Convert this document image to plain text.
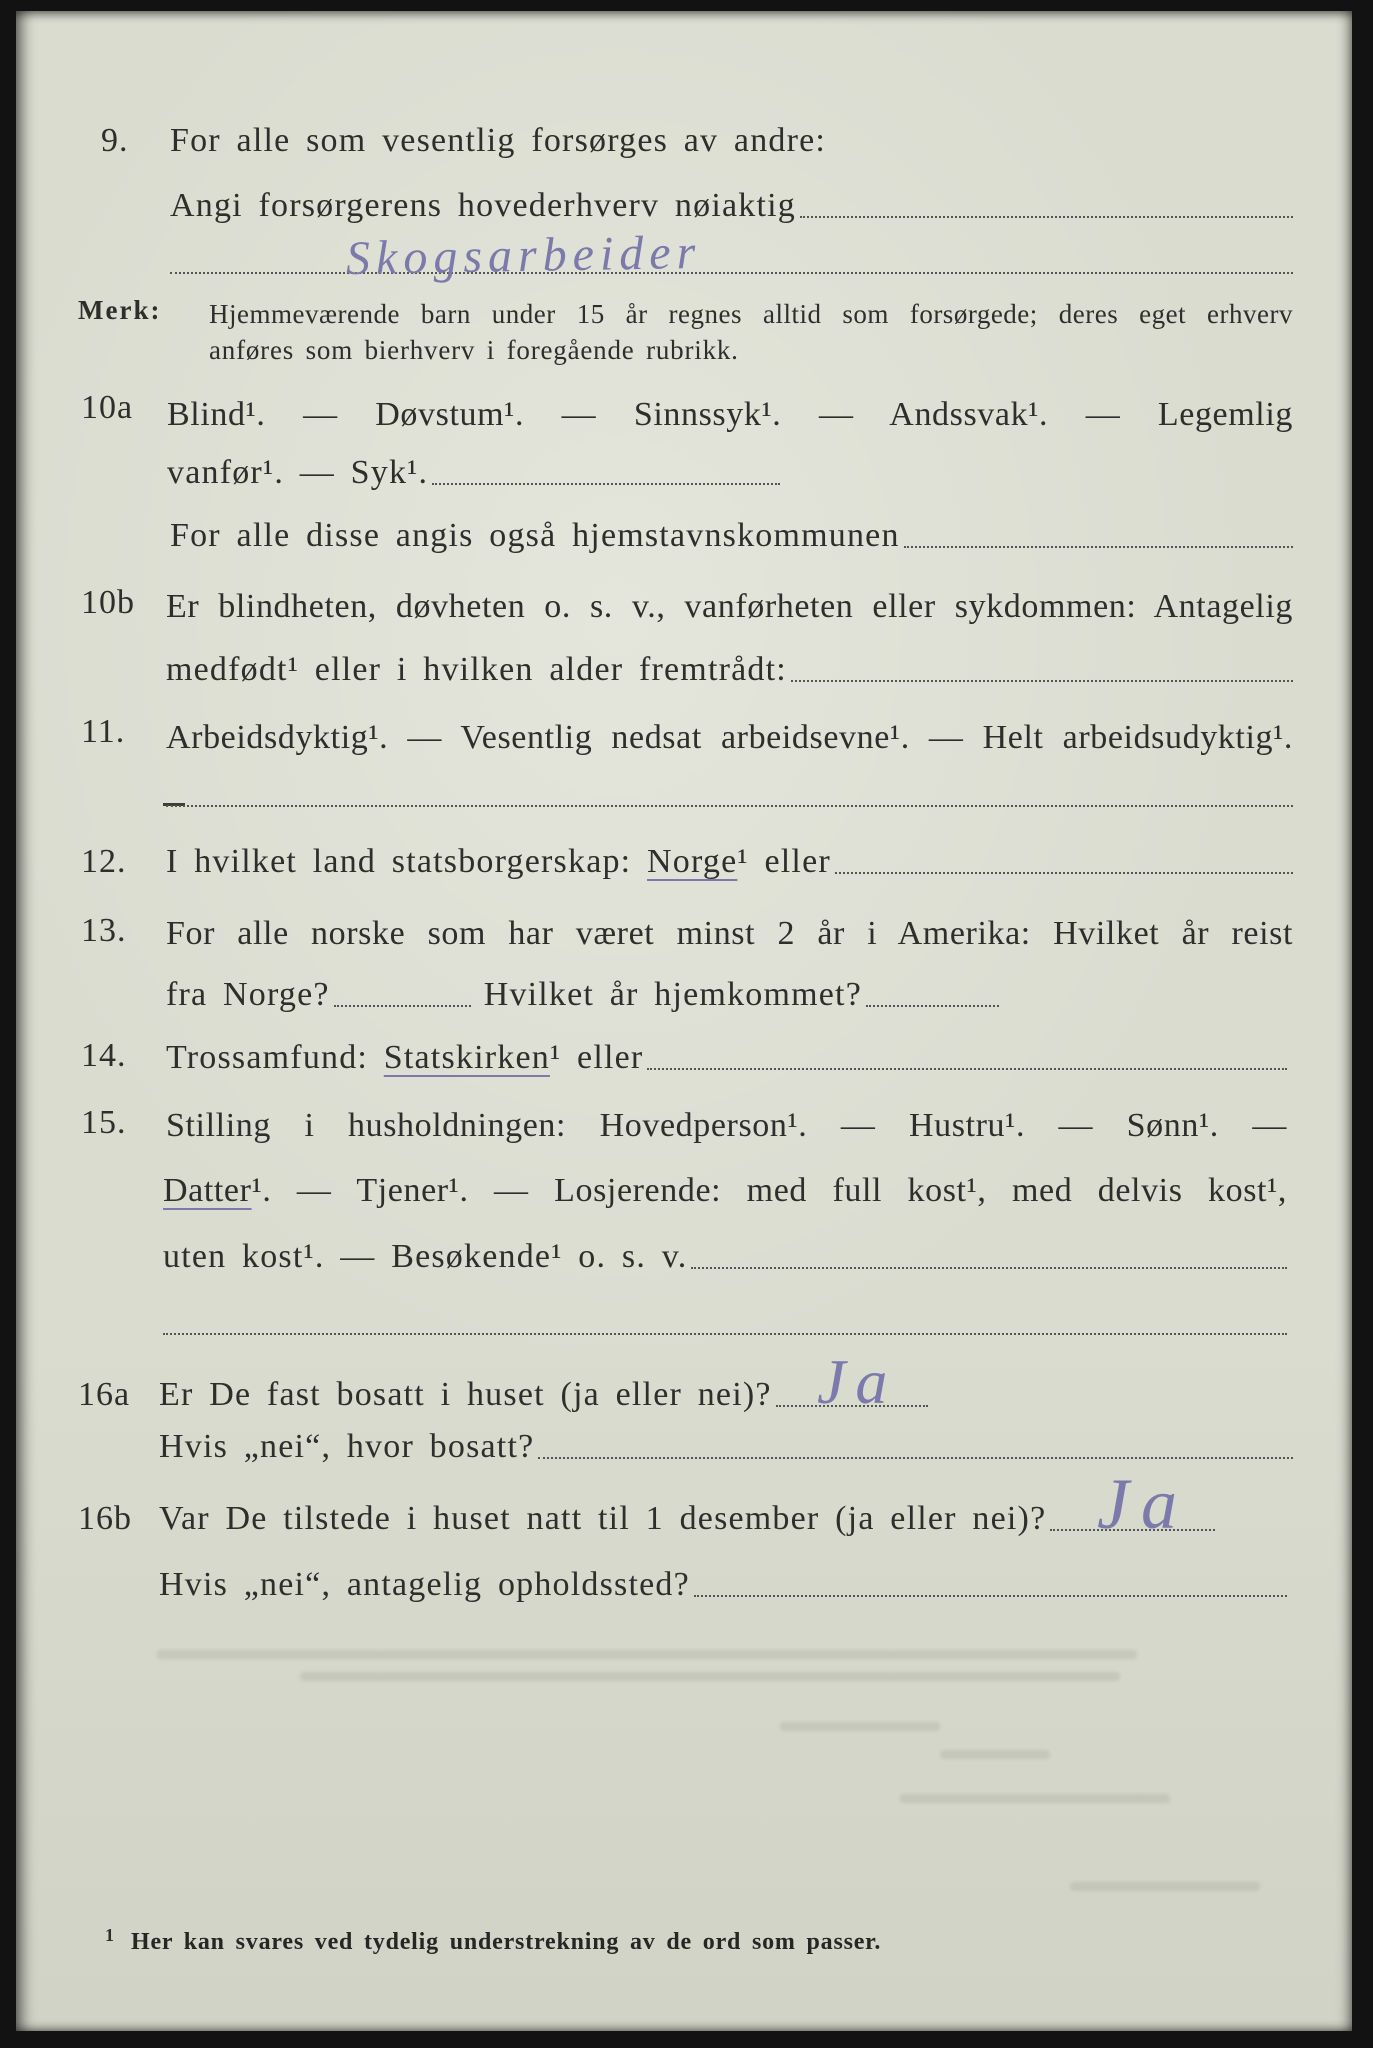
9. For alle som vesentlig forsørges av andre:
Angi forsørgerens hovederhverv nøiaktig
Skogsarbeider
Merk: Hjemmeværende barn under 15 år regnes alltid som forsørgede; deres eget erhverv
anføres som bierhverv i foregående rubrikk.
10a Blind¹. — Døvstum¹. — Sinnssyk¹. — Andssvak¹. — Legemlig
vanfør¹. — Syk¹.
For alle disse angis også hjemstavnskommunen
10b Er blindheten, døvheten o. s. v., vanførheten eller sykdommen: Antagelig
medfødt¹ eller i hvilken alder fremtrådt:
11. Arbeidsdyktig¹. — Vesentlig nedsat arbeidsevne¹. — Helt arbeidsudyktig¹.
12. I hvilket land statsborgerskap: Norge¹ eller
13. For alle norske som har været minst 2 år i Amerika: Hvilket år reist
fra Norge?	Hvilket år hjemkommet?
14. Trossamfund: Statskirken¹ eller
15. Stilling i husholdningen: Hovedperson¹. — Hustru¹. — Sønn¹. —
Datter¹. — Tjener¹. — Losjerende: med full kost¹, med delvis kost¹,
uten kost¹. — Besøkende¹ o. s. v.
16a Er De fast bosatt i huset (ja eller nei)? Ja
Hvis „nei“, hvor bosatt?
16b Var De tilstede i huset natt til 1 desember (ja eller nei)? Ja
Hvis „nei“, antagelig opholdssted?
1 Her kan svares ved tydelig understrekning av de ord som passer.
